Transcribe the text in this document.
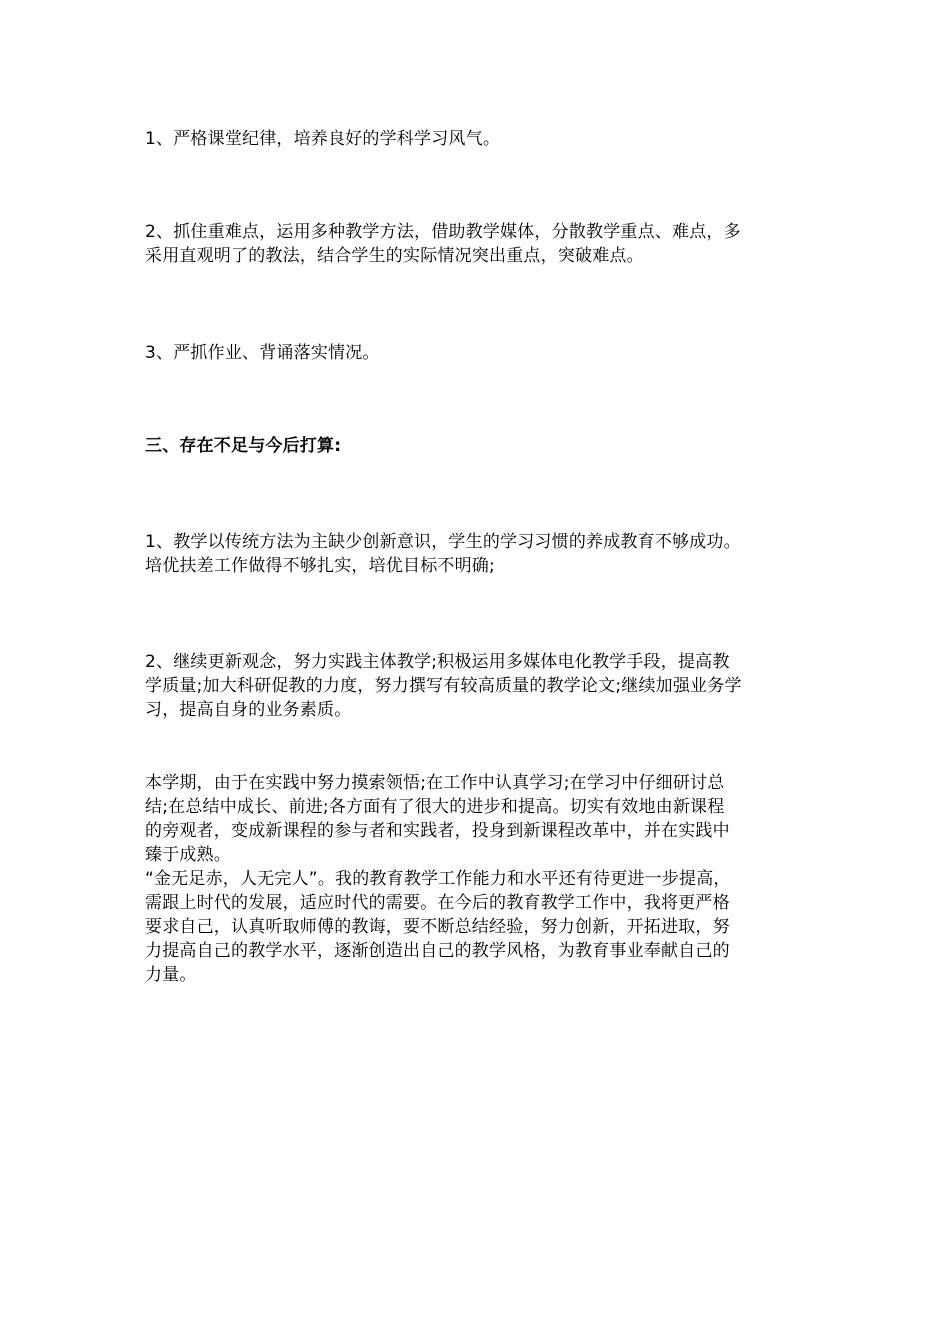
1、严格课堂纪律，培养良好的学科学习风气。

2、抓住重难点，运用多种教学方法，借助教学媒体，分散教学重点、难点，多
采用直观明了的教法，结合学生的实际情况突出重点，突破难点。

3、严抓作业、背诵落实情况。

三、存在不足与今后打算:

1、教学以传统方法为主缺少创新意识，学生的学习习惯的养成教育不够成功。
培优扶差工作做得不够扎实，培优目标不明确;

2、继续更新观念，努力实践主体教学;积极运用多媒体电化教学手段，提高教
学质量;加大科研促教的力度，努力撰写有较高质量的教学论文;继续加强业务学
习，提高自身的业务素质。

本学期，由于在实践中努力摸索领悟;在工作中认真学习;在学习中仔细研讨总
结;在总结中成长、前进;各方面有了很大的进步和提高。切实有效地由新课程
的旁观者，变成新课程的参与者和实践者，投身到新课程改革中，并在实践中
臻于成熟。
“金无足赤，人无完人”。我的教育教学工作能力和水平还有待更进一步提高，
需跟上时代的发展，适应时代的需要。在今后的教育教学工作中，我将更严格
要求自己，认真听取师傅的教诲，要不断总结经验，努力创新，开拓进取，努
力提高自己的教学水平，逐渐创造出自己的教学风格，为教育事业奉献自己的
力量。
